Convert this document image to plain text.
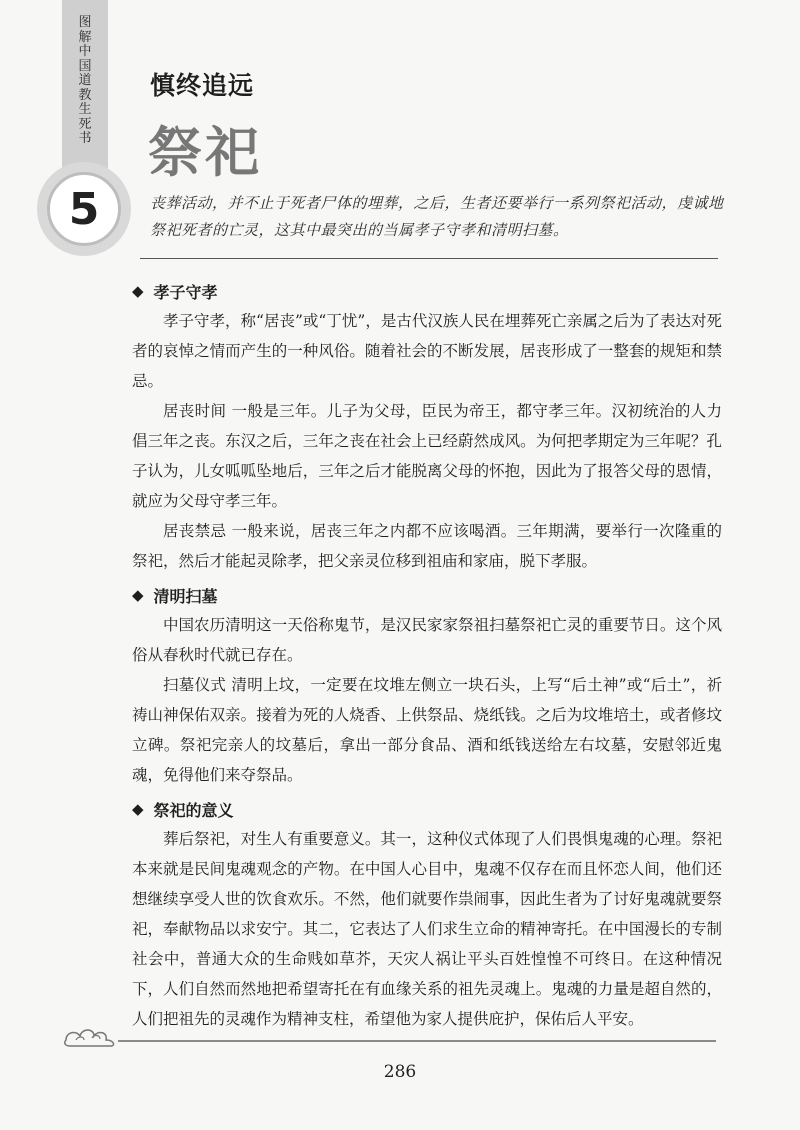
图
解
中
国
道
教
生
死
书
5
慎终追远
祭祀
丧葬活动，并不止于死者尸体的埋葬，之后，生者还要举行一系列祭祀活动，虔诚地祭祀死者的亡灵，这其中最突出的当属孝子守孝和清明扫墓。
◆ 孝子守孝

孝子守孝，称“居丧”或“丁忧”，是古代汉族人民在埋葬死亡亲属之后为了表达对死者的哀悼之情而产生的一种风俗。随着社会的不断发展，居丧形成了一整套的规矩和禁忌。

居丧时间 一般是三年。儿子为父母，臣民为帝王，都守孝三年。汉初统治的人力倡三年之丧。东汉之后，三年之丧在社会上已经蔚然成风。为何把孝期定为三年呢？孔子认为，儿女呱呱坠地后，三年之后才能脱离父母的怀抱，因此为了报答父母的恩情，就应为父母守孝三年。

居丧禁忌 一般来说，居丧三年之内都不应该喝酒。三年期满，要举行一次隆重的祭祀，然后才能起灵除孝，把父亲灵位移到祖庙和家庙，脱下孝服。

◆ 清明扫墓

中国农历清明这一天俗称鬼节，是汉民家家祭祖扫墓祭祀亡灵的重要节日。这个风俗从春秋时代就已存在。

扫墓仪式 清明上坟，一定要在坟堆左侧立一块石头，上写“后土神”或“后土”，祈祷山神保佑双亲。接着为死的人烧香、上供祭品、烧纸钱。之后为坟堆培土，或者修坟立碑。祭祀完亲人的坟墓后，拿出一部分食品、酒和纸钱送给左右坟墓，安慰邻近鬼魂，免得他们来夺祭品。

◆ 祭祀的意义

葬后祭祀，对生人有重要意义。其一，这种仪式体现了人们畏惧鬼魂的心理。祭祀本来就是民间鬼魂观念的产物。在中国人心目中，鬼魂不仅存在而且怀恋人间，他们还想继续享受人世的饮食欢乐。不然，他们就要作祟闹事，因此生者为了讨好鬼魂就要祭祀，奉献物品以求安宁。其二，它表达了人们求生立命的精神寄托。在中国漫长的专制社会中，普通大众的生命贱如草芥，天灾人祸让平头百姓惶惶不可终日。在这种情况下，人们自然而然地把希望寄托在有血缘关系的祖先灵魂上。鬼魂的力量是超自然的，人们把祖先的灵魂作为精神支柱，希望他为家人提供庇护，保佑后人平安。

286
